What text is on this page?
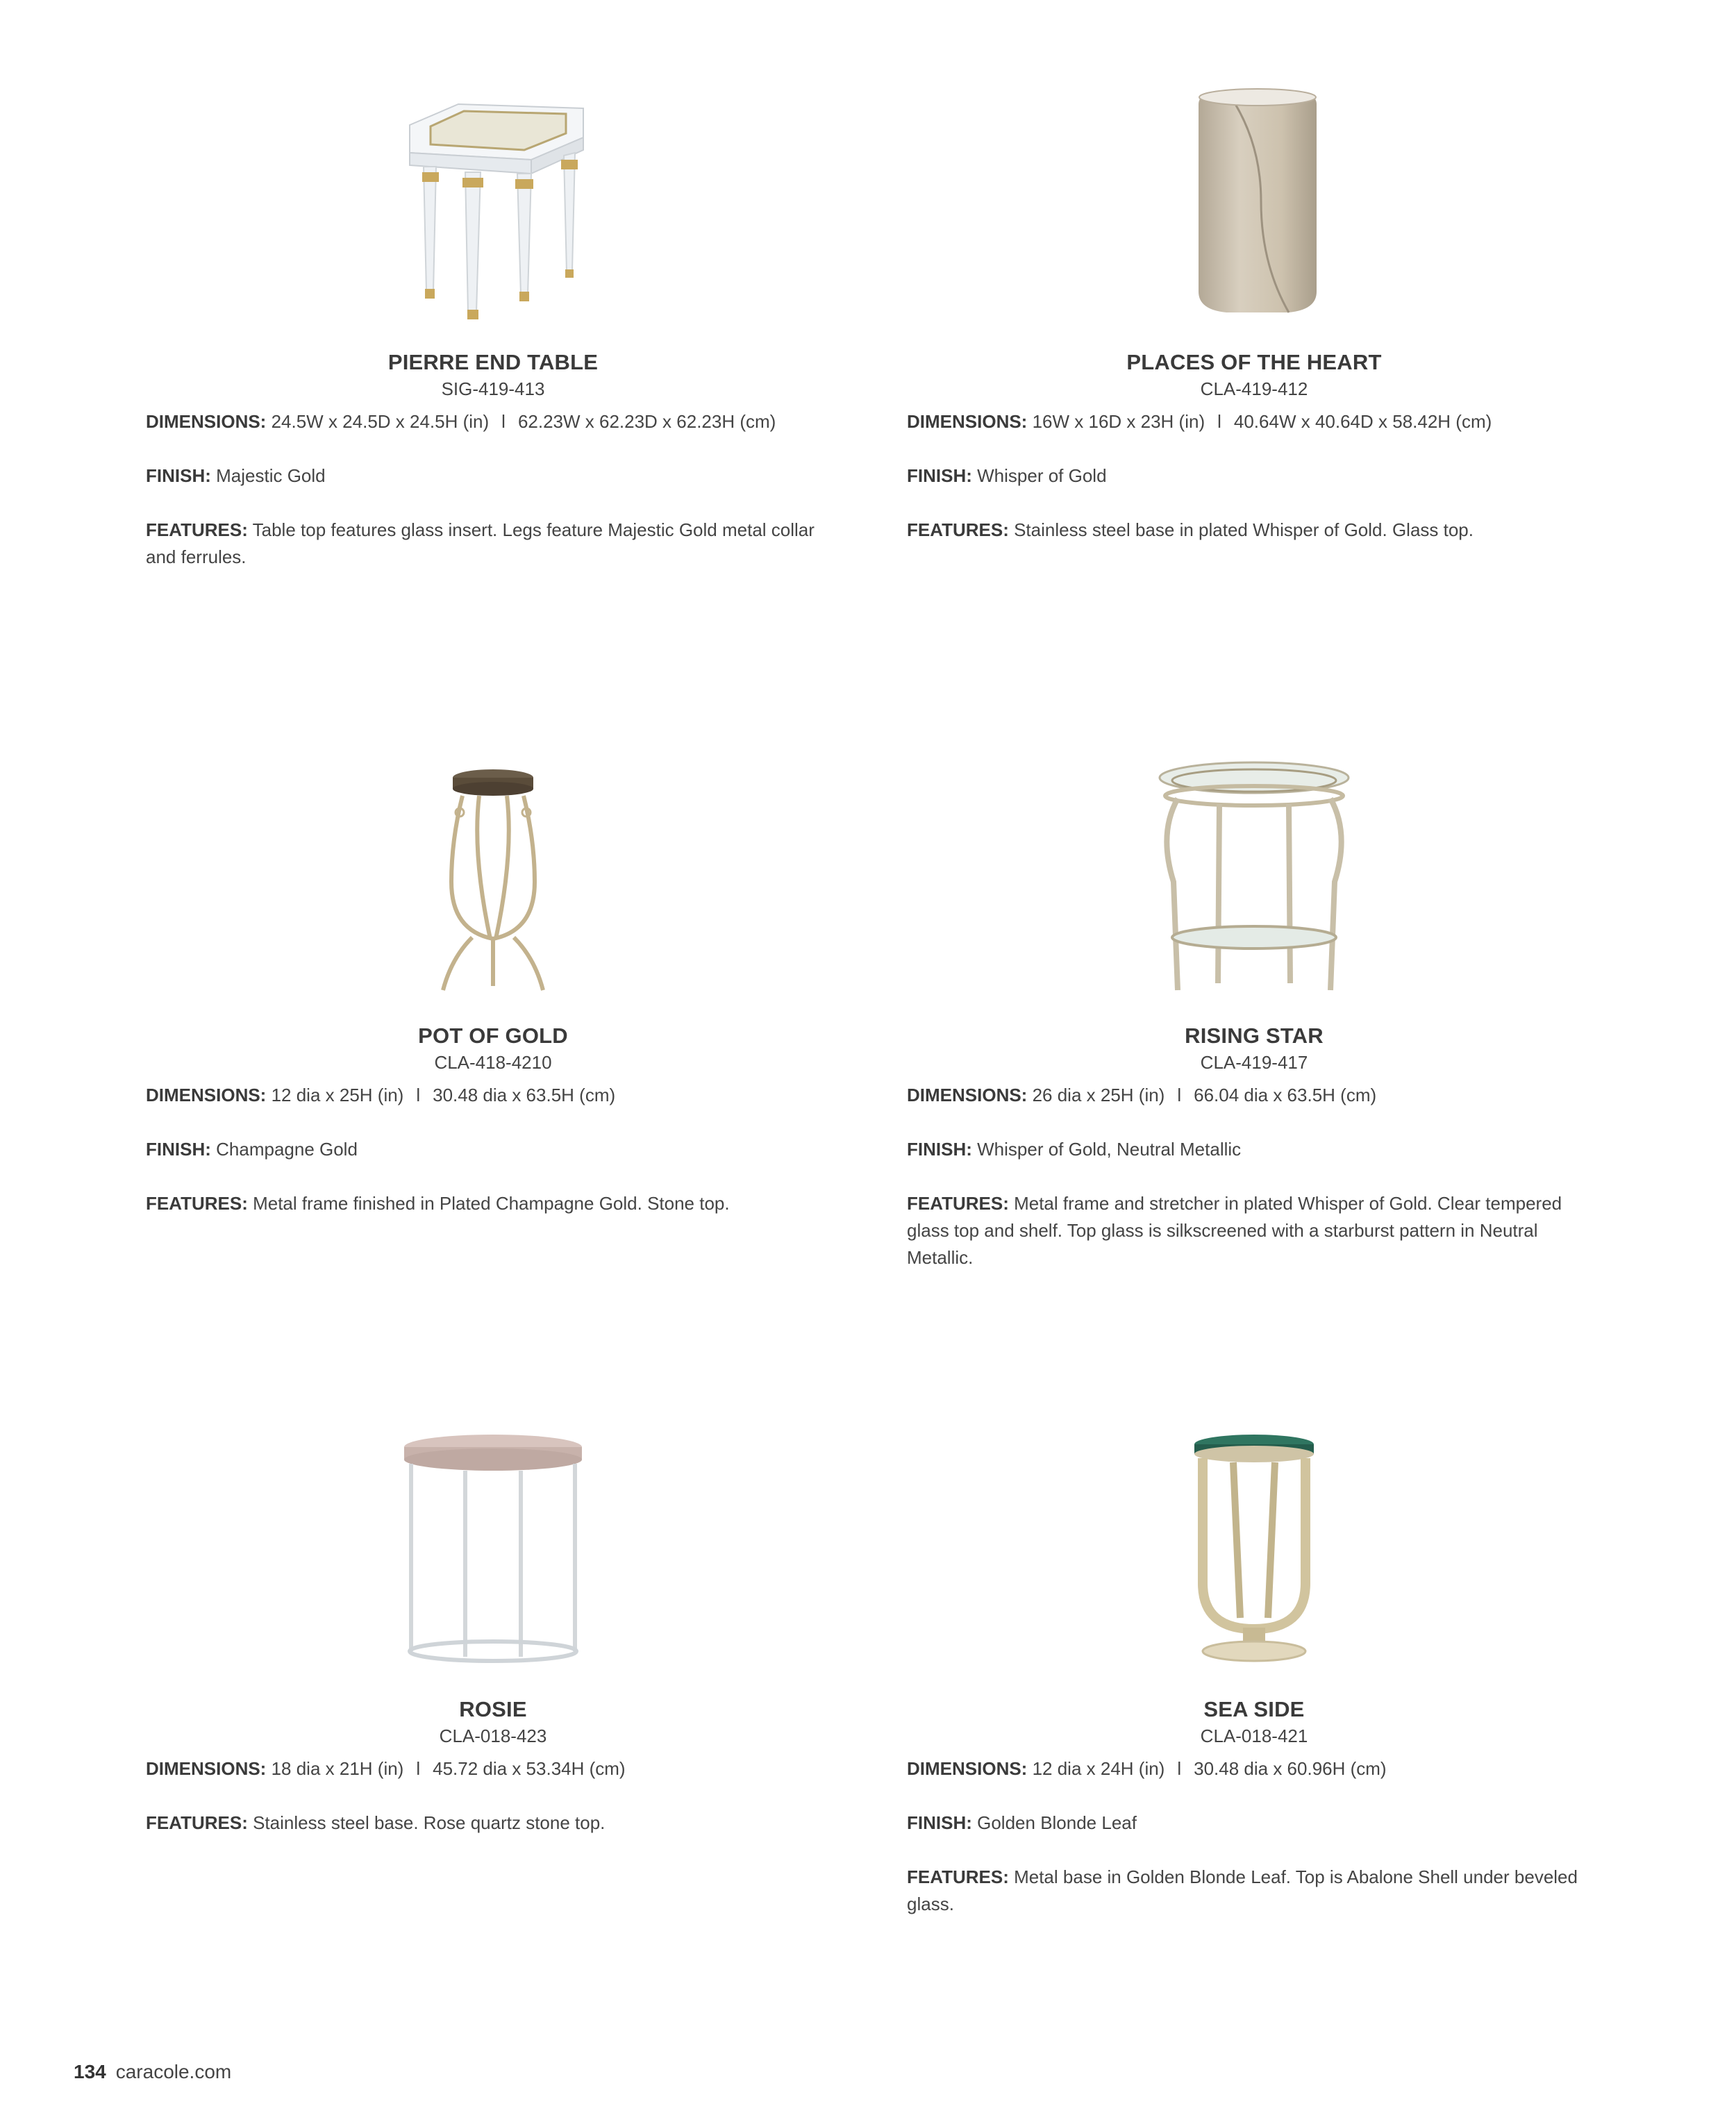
PIERRE END TABLE
SIG-419-413
DIMENSIONS: 24.5W x 24.5D x 24.5H (in) l 62.23W x 62.23D x 62.23H (cm)
FINISH: Majestic Gold
FEATURES: Table top features glass insert. Legs feature Majestic Gold metal collar and ferrules.
PLACES OF THE HEART
CLA-419-412
DIMENSIONS: 16W x 16D x 23H (in) l 40.64W x 40.64D x 58.42H (cm)
FINISH: Whisper of Gold
FEATURES: Stainless steel base in plated Whisper of Gold. Glass top.
POT OF GOLD
CLA-418-4210
DIMENSIONS: 12 dia x 25H (in) l 30.48 dia x 63.5H (cm)
FINISH: Champagne Gold
FEATURES: Metal frame finished in Plated Champagne Gold. Stone top.
RISING STAR
CLA-419-417
DIMENSIONS: 26 dia x 25H (in) l 66.04 dia x 63.5H (cm)
FINISH: Whisper of Gold, Neutral Metallic
FEATURES: Metal frame and stretcher in plated Whisper of Gold. Clear tempered glass top and shelf. Top glass is silkscreened with a starburst pattern in Neutral Metallic.
ROSIE
CLA-018-423
DIMENSIONS: 18 dia x 21H (in) l 45.72 dia x 53.34H (cm)
FEATURES: Stainless steel base. Rose quartz stone top.
SEA SIDE
CLA-018-421
DIMENSIONS: 12 dia x 24H (in) l 30.48 dia x 60.96H (cm)
FINISH: Golden Blonde Leaf
FEATURES: Metal base in Golden Blonde Leaf. Top is Abalone Shell under beveled glass.
134 caracole.com
